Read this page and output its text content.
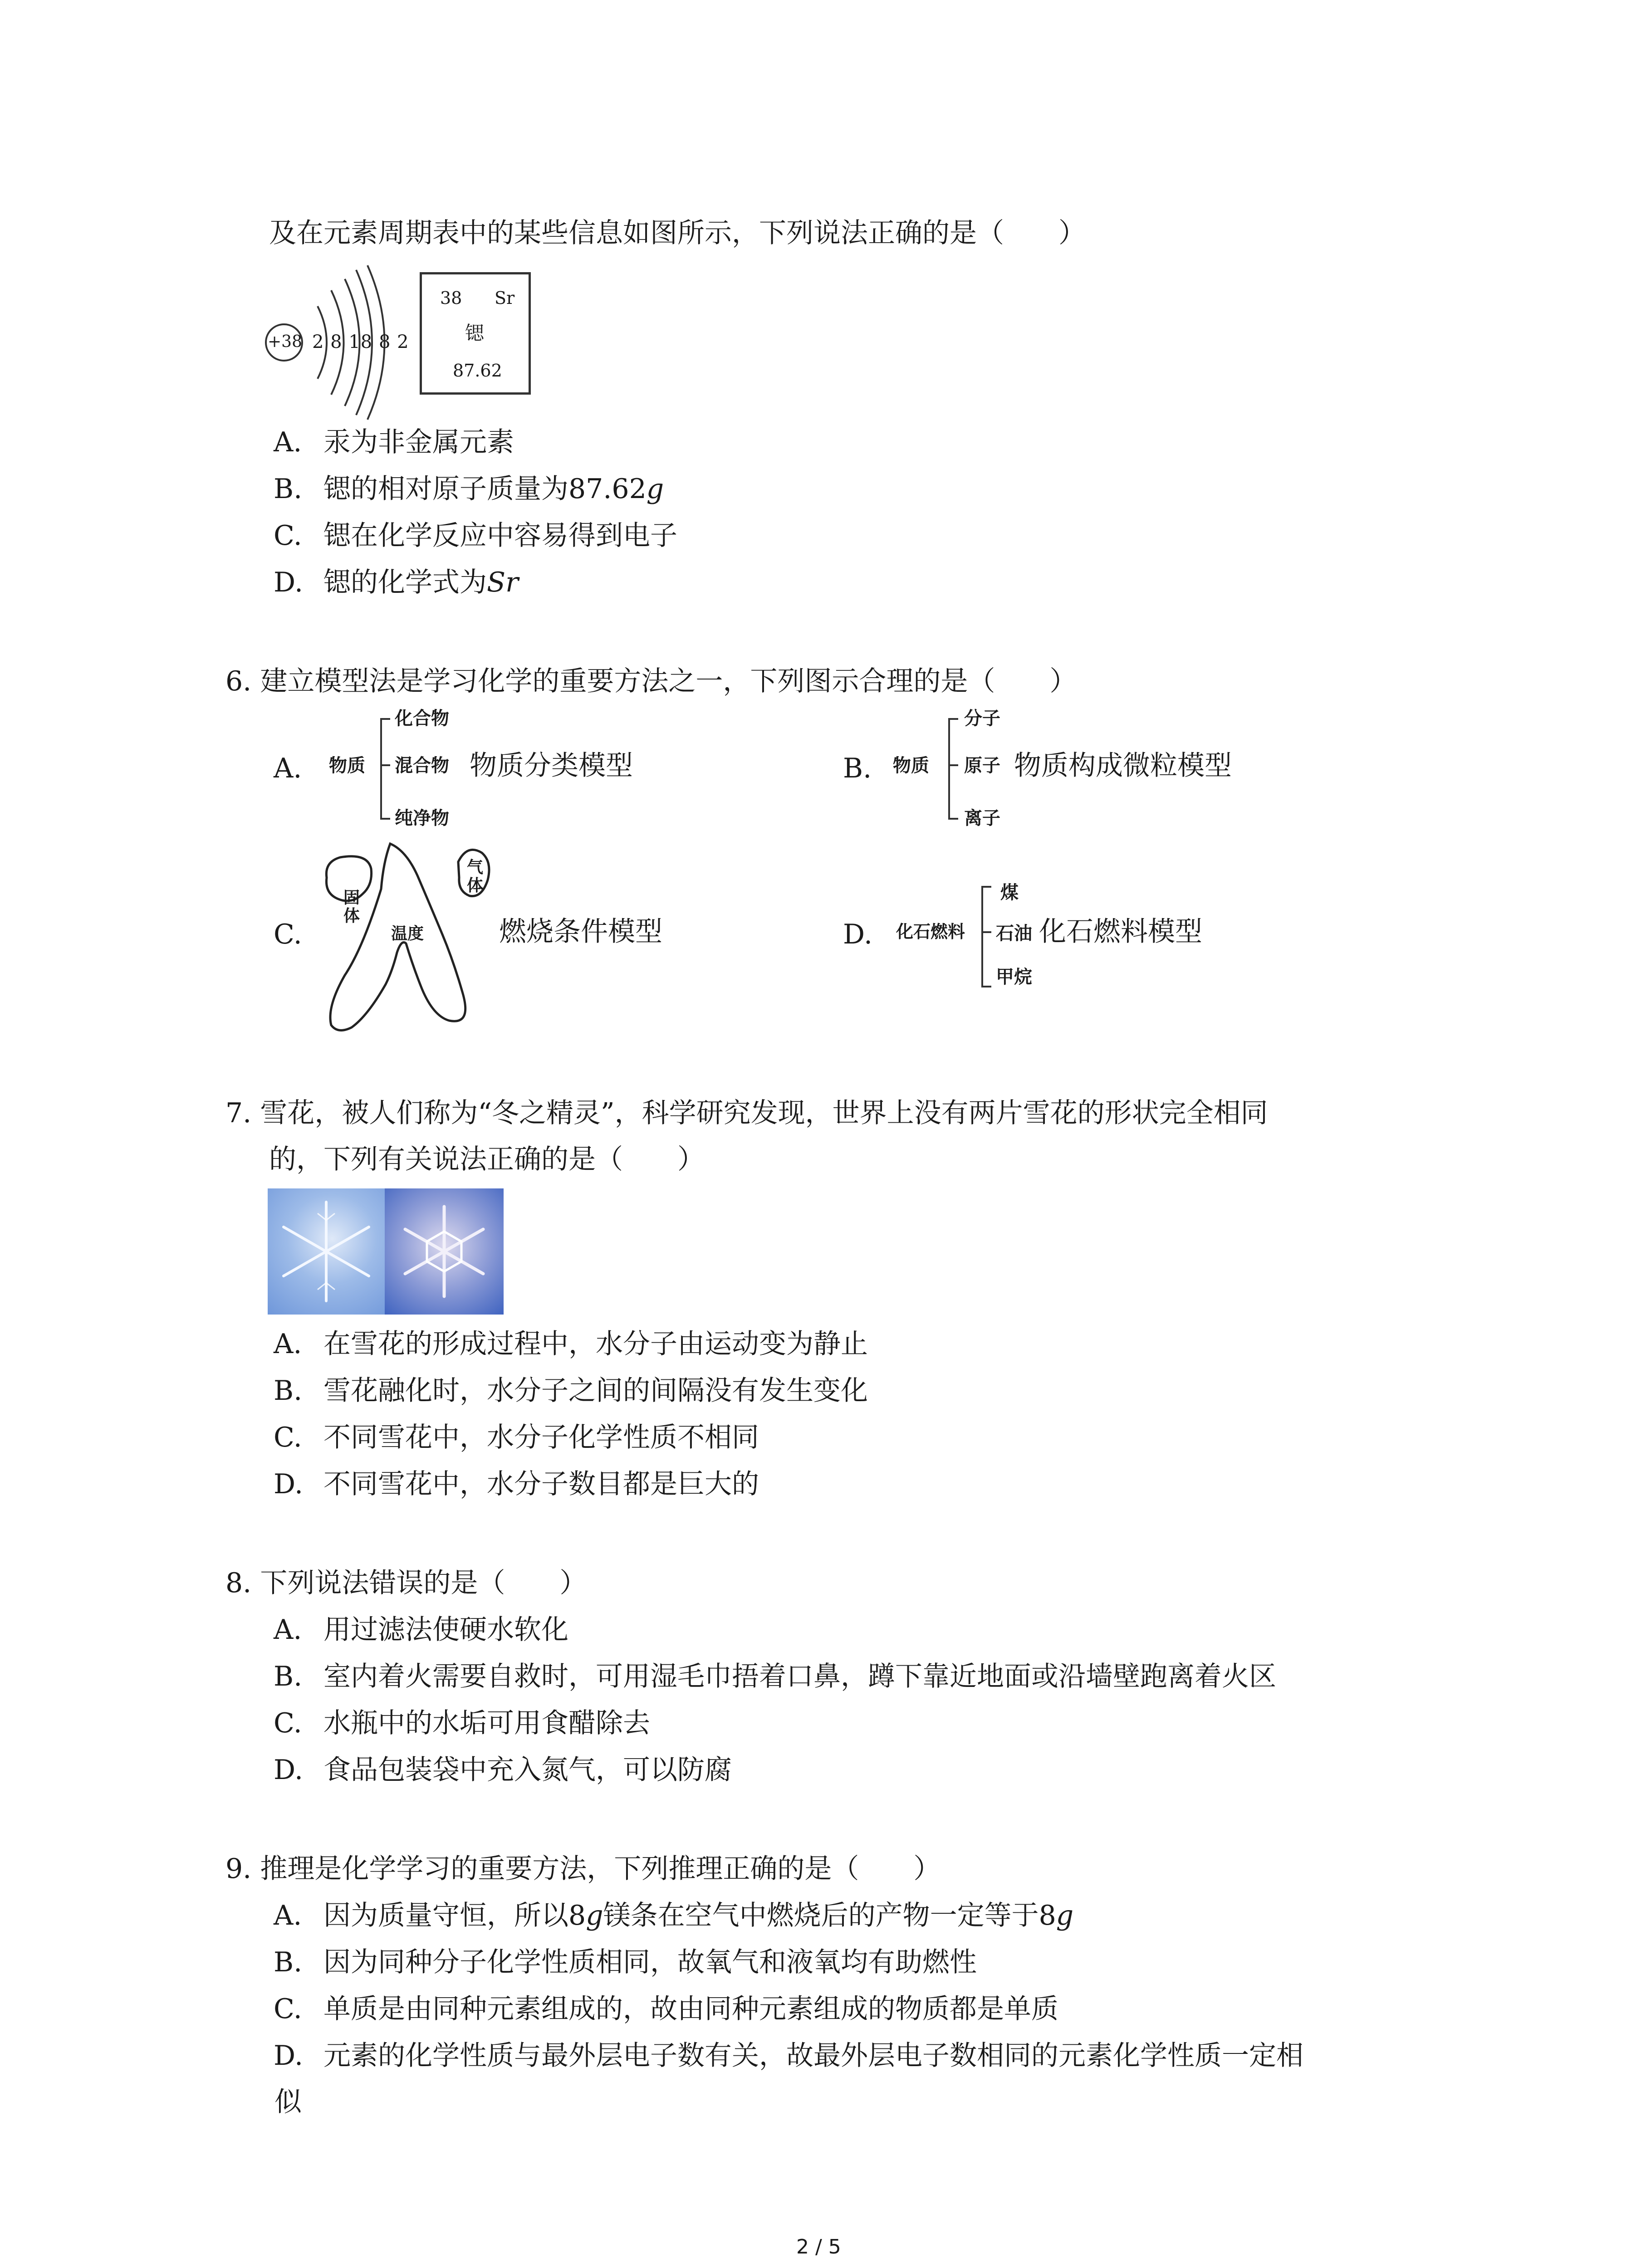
及在元素周期表中的某些信息如图所示，下列说法正确的是（　　）
+38 2 8 18 8 2
38 Sr
锶
87.62
A. 汞为非金属元素
B. 锶的相对原子质量为87.62g
C. 锶在化学反应中容易得到电子
D. 锶的化学式为Sr
6. 建立模型法是学习化学的重要方法之一，下列图示合理的是（　　）
A. 物质
化合物
混合物
纯净物
物质分类模型	B. 物质
分子
原子
离子
物质构成微粒模型
C.
固体
气体
温度	燃烧条件模型	D. 化石燃料
煤
石油
甲烷
化石燃料模型
7. 雪花，被人们称为“冬之精灵”，科学研究发现，世界上没有两片雪花的形状完全相同
的，下列有关说法正确的是（　　）
A. 在雪花的形成过程中，水分子由运动变为静止
B. 雪花融化时，水分子之间的间隔没有发生变化
C. 不同雪花中，水分子化学性质不相同
D. 不同雪花中，水分子数目都是巨大的
8. 下列说法错误的是（　　）
A. 用过滤法使硬水软化
B. 室内着火需要自救时，可用湿毛巾捂着口鼻，蹲下靠近地面或沿墙壁跑离着火区
C. 水瓶中的水垢可用食醋除去
D. 食品包装袋中充入氮气，可以防腐
9. 推理是化学学习的重要方法，下列推理正确的是（　　）
A. 因为质量守恒，所以8g镁条在空气中燃烧后的产物一定等于8g
B. 因为同种分子化学性质相同，故氧气和液氧均有助燃性
C. 单质是由同种元素组成的，故由同种元素组成的物质都是单质
D. 元素的化学性质与最外层电子数有关，故最外层电子数相同的元素化学性质一定相
似
2 / 5
